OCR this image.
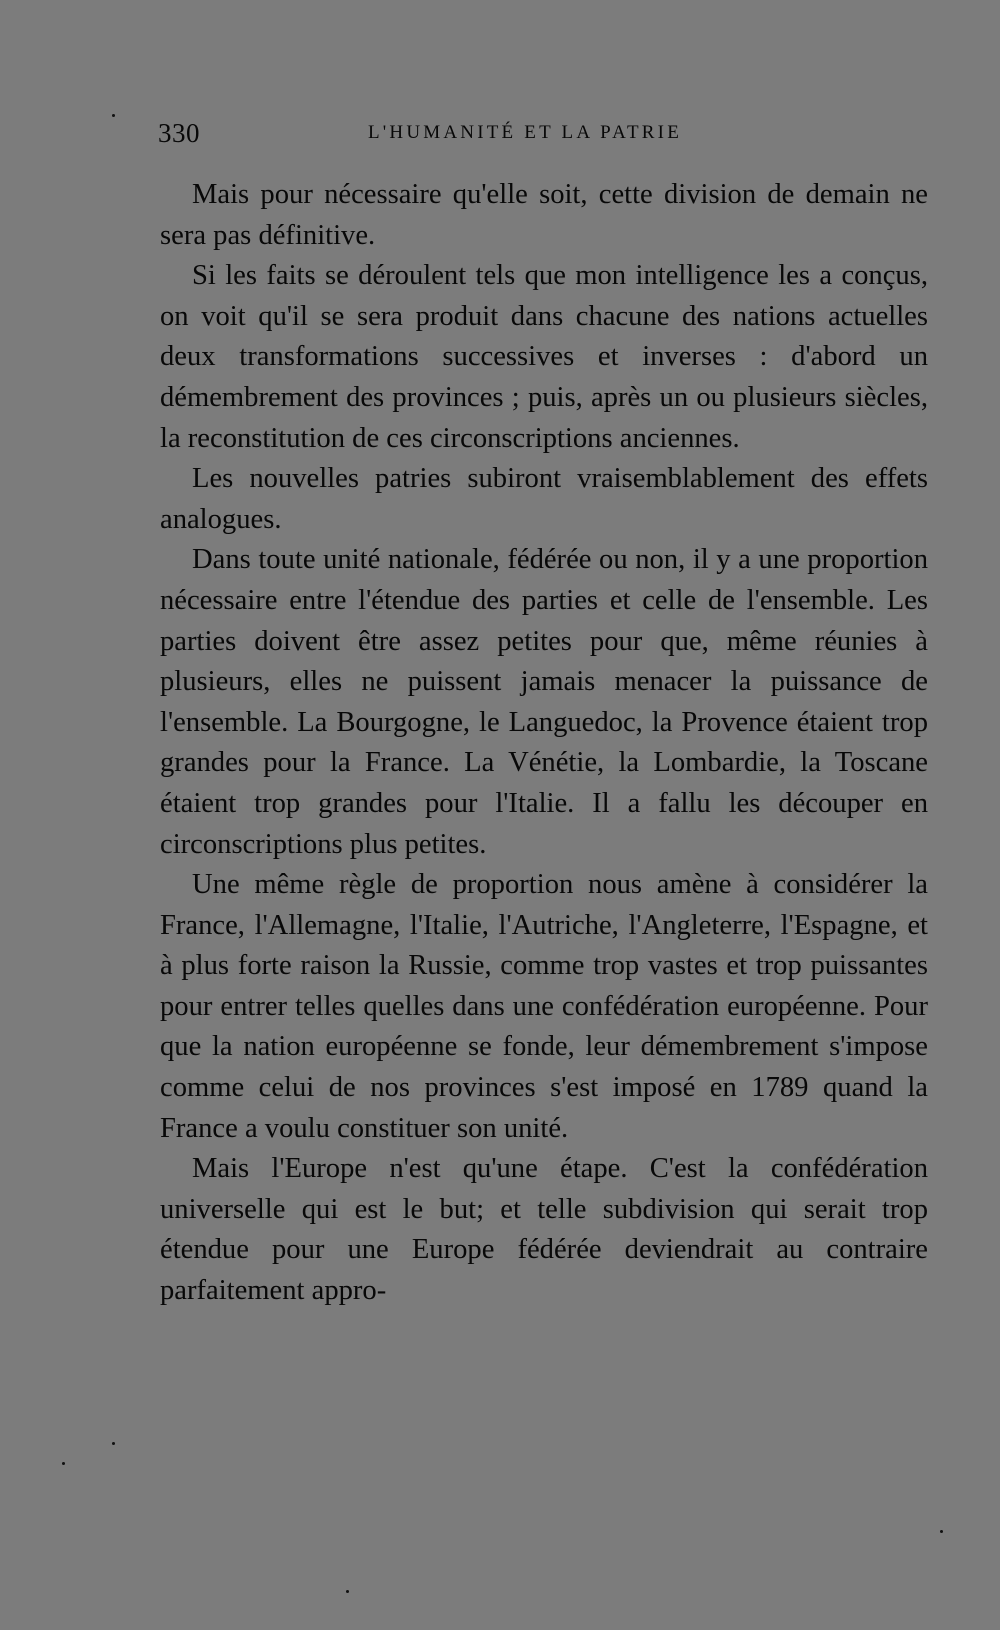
330	L'HUMANITÉ ET LA PATRIE

Mais pour nécessaire qu'elle soit, cette division de demain ne sera pas définitive.

Si les faits se déroulent tels que mon intelligence les a conçus, on voit qu'il se sera produit dans chacune des nations actuelles deux transformations successives et inverses : d'abord un démembrement des provinces ; puis, après un ou plusieurs siècles, la reconstitution de ces circonscriptions anciennes.

Les nouvelles patries subiront vraisemblablement des effets analogues.

Dans toute unité nationale, fédérée ou non, il y a une proportion nécessaire entre l'étendue des parties et celle de l'ensemble. Les parties doivent être assez petites pour que, même réunies à plusieurs, elles ne puissent jamais menacer la puissance de l'ensemble. La Bourgogne, le Languedoc, la Provence étaient trop grandes pour la France. La Vénétie, la Lombardie, la Toscane étaient trop grandes pour l'Italie. Il a fallu les découper en circonscriptions plus petites.

Une même règle de proportion nous amène à considérer la France, l'Allemagne, l'Italie, l'Autriche, l'Angleterre, l'Espagne, et à plus forte raison la Russie, comme trop vastes et trop puissantes pour entrer telles quelles dans une confédération européenne. Pour que la nation européenne se fonde, leur démembrement s'impose comme celui de nos provinces s'est imposé en 1789 quand la France a voulu constituer son unité.

Mais l'Europe n'est qu'une étape. C'est la confédération universelle qui est le but; et telle subdivision qui serait trop étendue pour une Europe fédérée deviendrait au contraire parfaitement appro-
